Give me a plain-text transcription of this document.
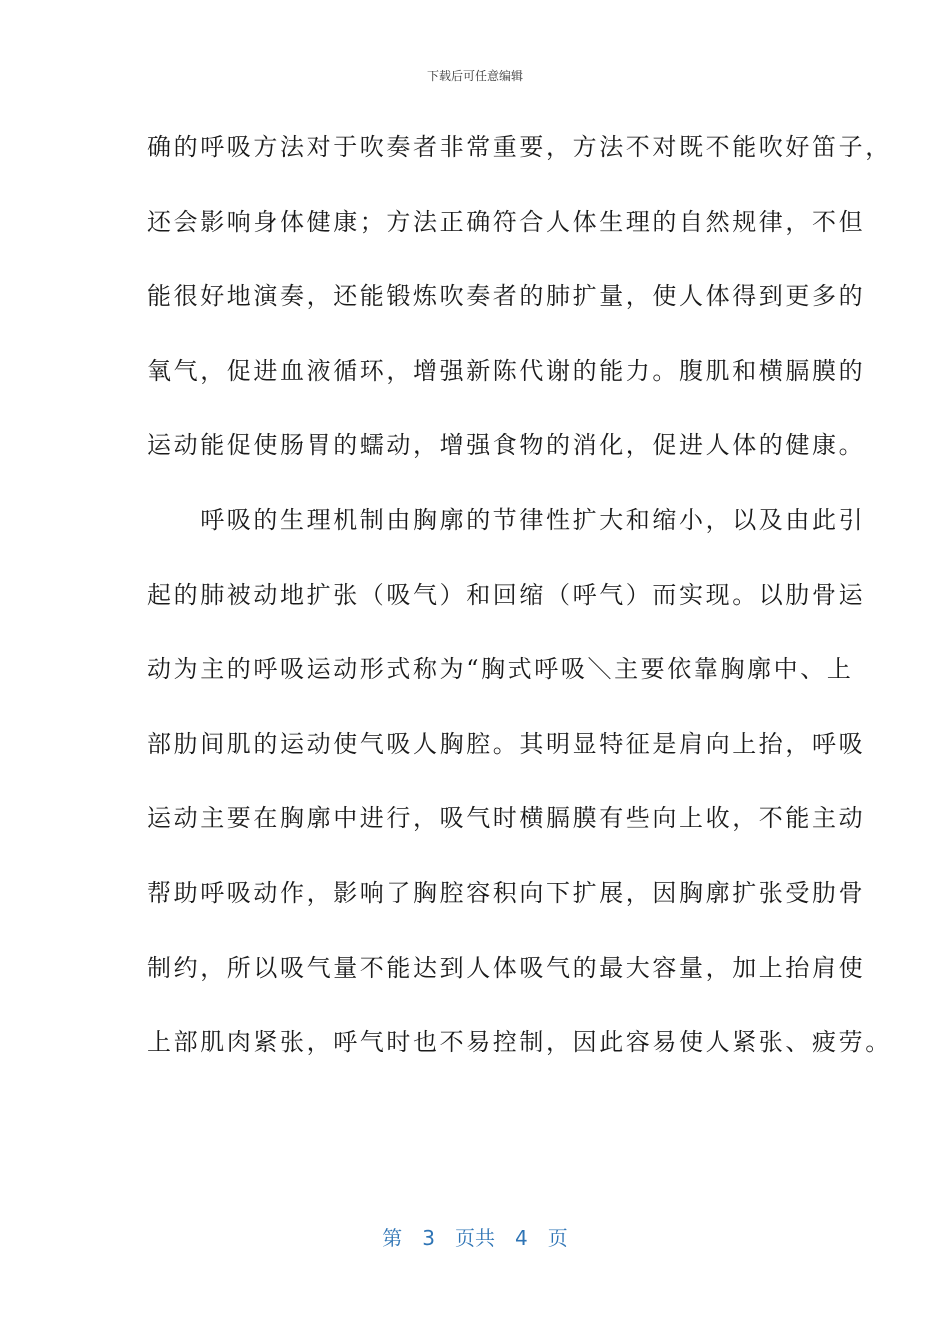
下载后可任意编辑
确的呼吸方法对于吹奏者非常重要，方法不对既不能吹好笛子，
还会影响身体健康；方法正确符合人体生理的自然规律，不但
能很好地演奏，还能锻炼吹奏者的肺扩量，使人体得到更多的
氧气，促进血液循环，增强新陈代谢的能力。腹肌和横膈膜的
运动能促使肠胃的蠕动，增强食物的消化，促进人体的健康。
　　呼吸的生理机制由胸廓的节律性扩大和缩小，以及由此引
起的肺被动地扩张（吸气）和回缩（呼气）而实现。以肋骨运
动为主的呼吸运动形式称为“胸式呼吸＼主要依靠胸廓中、上
部肋间肌的运动使气吸人胸腔。其明显特征是肩向上抬，呼吸
运动主要在胸廓中进行，吸气时横膈膜有些向上收，不能主动
帮助呼吸动作，影响了胸腔容积向下扩展，因胸廓扩张受肋骨
制约，所以吸气量不能达到人体吸气的最大容量，加上抬肩使
上部肌肉紧张，呼气时也不易控制，因此容易使人紧张、疲劳。
第　3　页共　4　页
